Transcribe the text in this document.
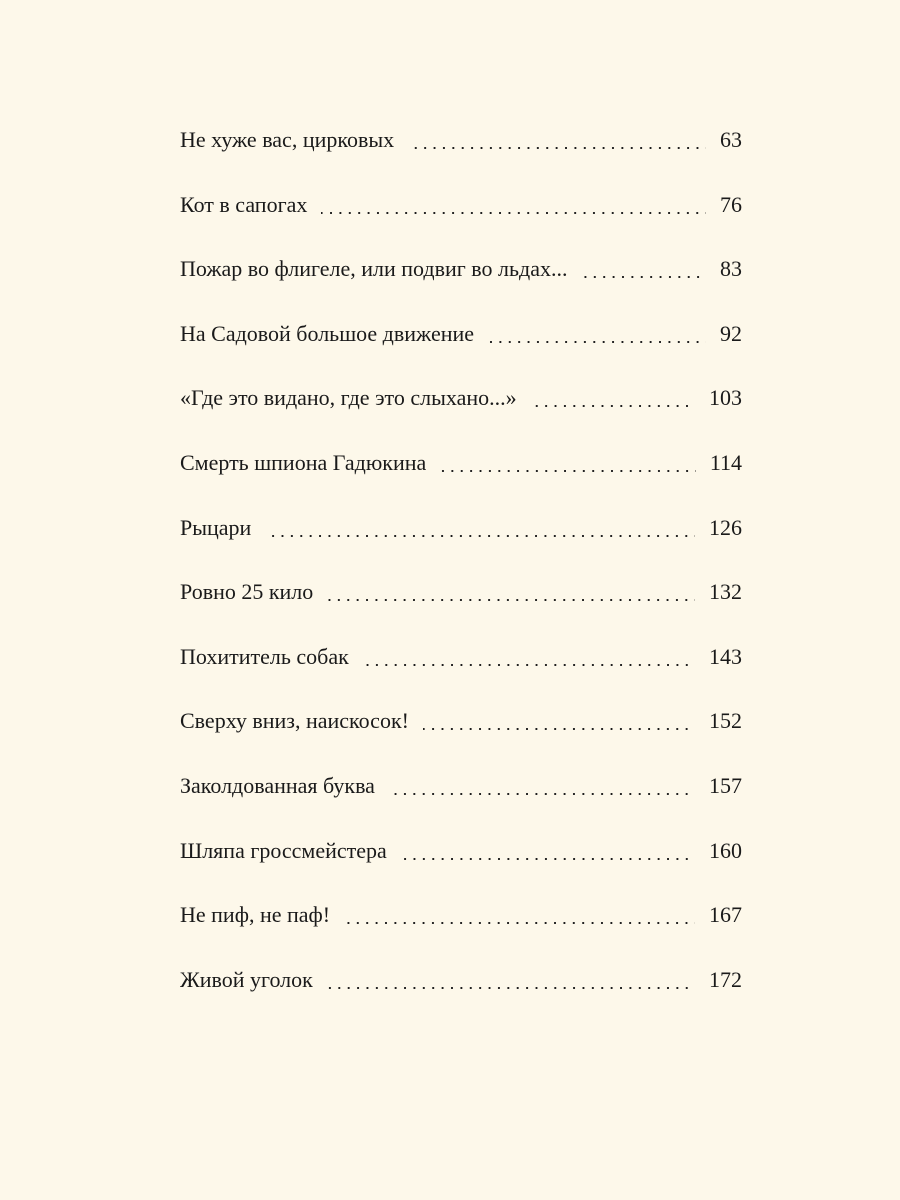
Не хуже вас, цирковых	63
Кот в сапогах	76
Пожар во флигеле, или подвиг во льдах...	83
На Садовой большое движение	92
«Где это видано, где это слыхано...»	103
Смерть шпиона Гадюкина	114
Рыцари	126
Ровно 25 кило	132
Похититель собак	143
Сверху вниз, наискосок!	152
Заколдованная буква	157
Шляпа гроссмейстера	160
Не пиф, не паф!	167
Живой уголок	172
